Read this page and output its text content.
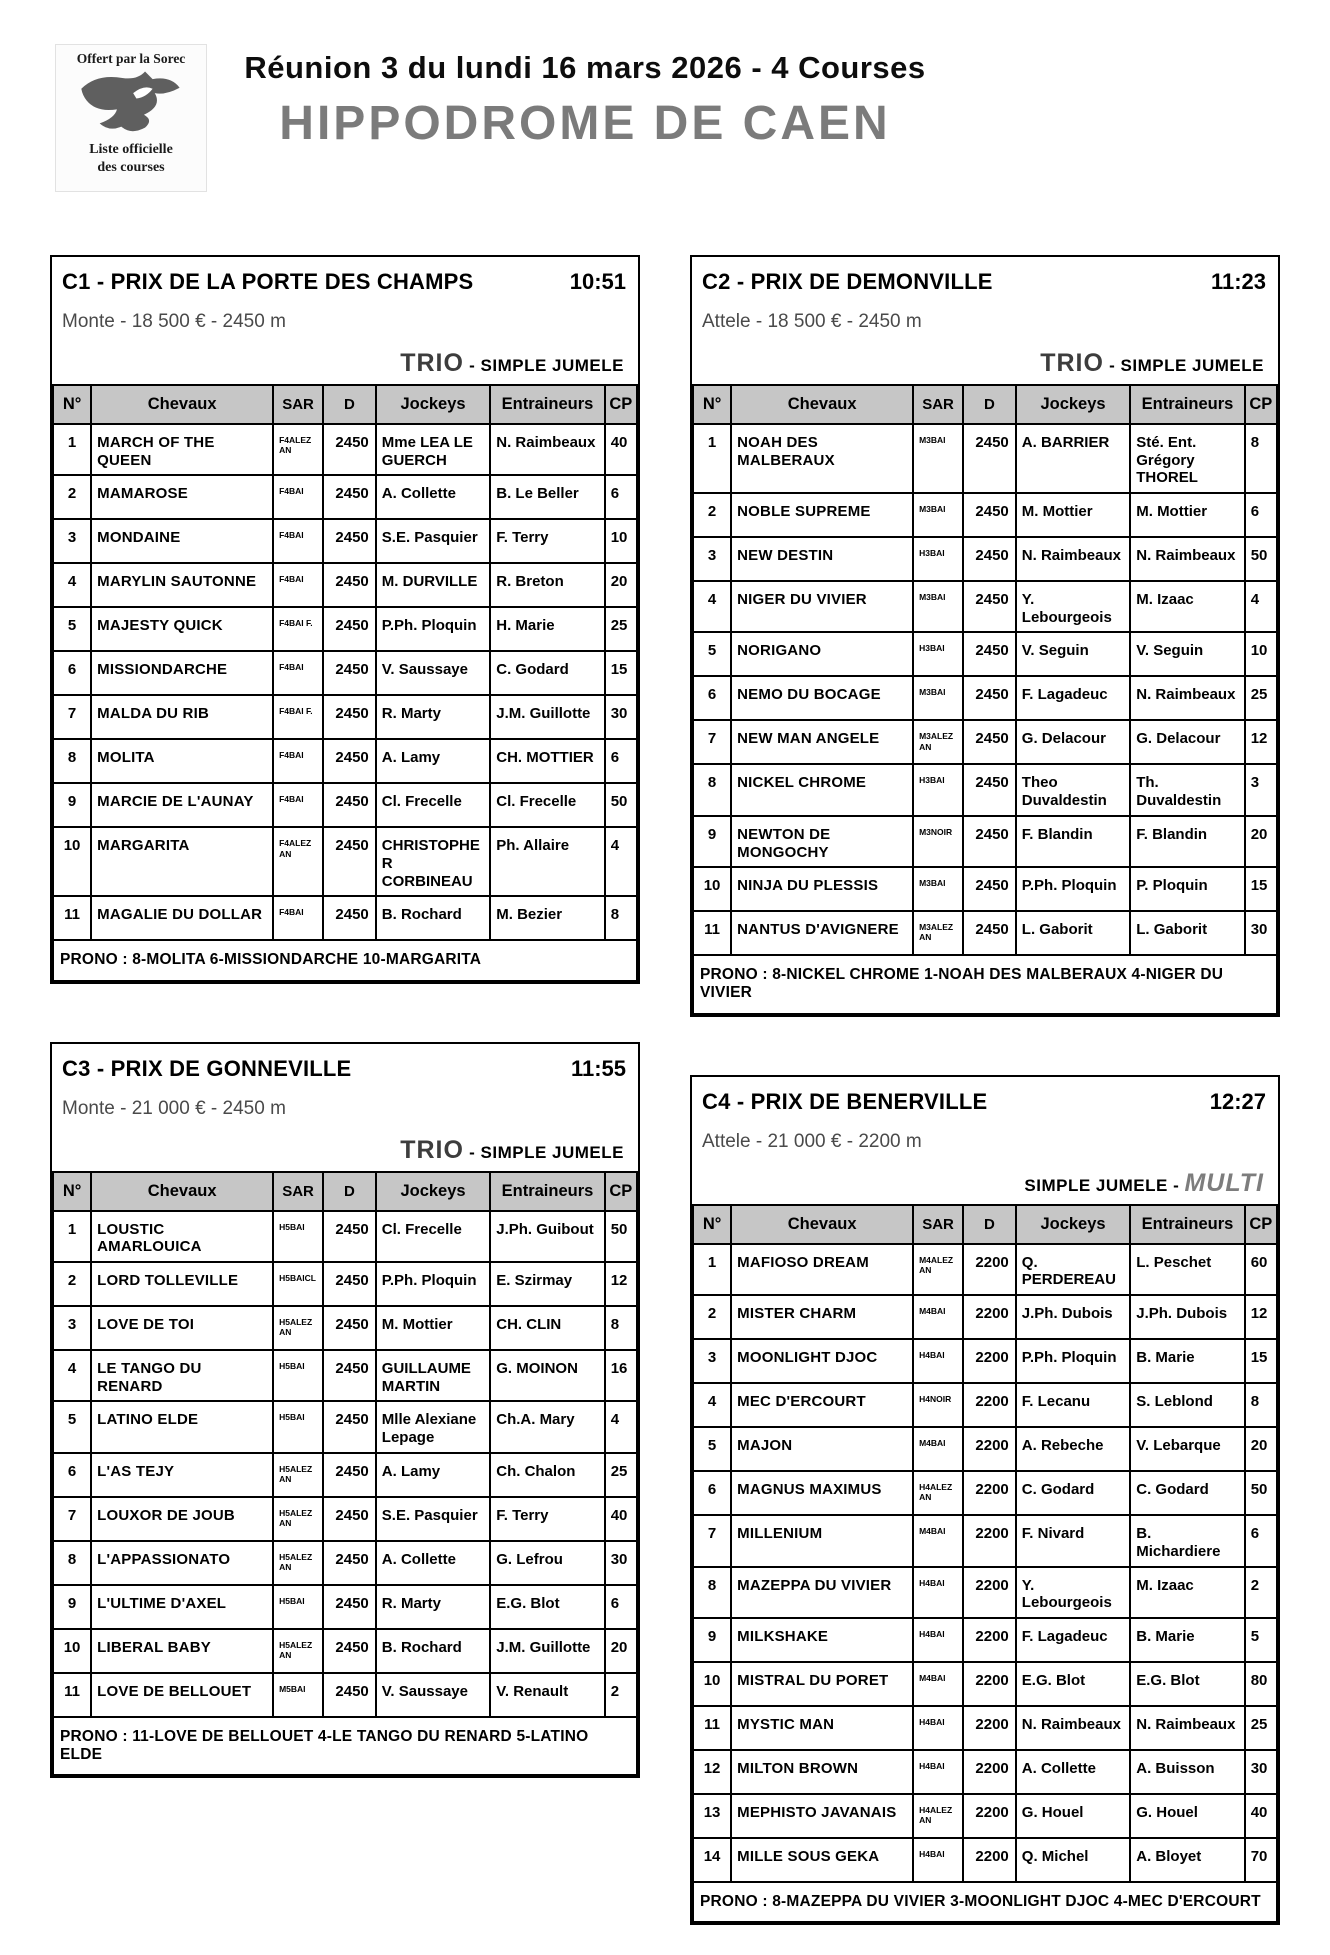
Offert par la Sorec
Liste officielle
des courses
Réunion 3 du lundi 16 mars 2026 - 4 Courses
HIPPODROME DE CAEN
C1 - PRIX DE LA PORTE DES CHAMPS	10:51
Monte - 18 500 € - 2450 m
TRIO - SIMPLE JUMELE
N°	Chevaux	SAR	D	Jockeys	Entraineurs	CP
1	MARCH OF THE QUEEN	F4ALEZAN	2450	Mme LEA LE GUERCH	N. Raimbeaux	40
2	MAMAROSE	F4BAI	2450	A. Collette	B. Le Beller	6
3	MONDAINE	F4BAI	2450	S.E. Pasquier	F. Terry	10
4	MARYLIN SAUTONNE	F4BAI	2450	M. DURVILLE	R. Breton	20
5	MAJESTY QUICK	F4BAI F.	2450	P.Ph. Ploquin	H. Marie	25
6	MISSIONDARCHE	F4BAI	2450	V. Saussaye	C. Godard	15
7	MALDA DU RIB	F4BAI F.	2450	R. Marty	J.M. Guillotte	30
8	MOLITA	F4BAI	2450	A. Lamy	CH. MOTTIER	6
9	MARCIE DE L'AUNAY	F4BAI	2450	Cl. Frecelle	Cl. Frecelle	50
10	MARGARITA	F4ALEZAN	2450	CHRISTOPHER CORBINEAU	Ph. Allaire	4
11	MAGALIE DU DOLLAR	F4BAI	2450	B. Rochard	M. Bezier	8
PRONO : 8-MOLITA 6-MISSIONDARCHE 10-MARGARITA						
C3 - PRIX DE GONNEVILLE	11:55
Monte - 21 000 € - 2450 m
TRIO - SIMPLE JUMELE
N°	Chevaux	SAR	D	Jockeys	Entraineurs	CP
1	LOUSTIC AMARLOUICA	H5BAI	2450	Cl. Frecelle	J.Ph. Guibout	50
2	LORD TOLLEVILLE	H5BAICL	2450	P.Ph. Ploquin	E. Szirmay	12
3	LOVE DE TOI	H5ALEZAN	2450	M. Mottier	CH. CLIN	8
4	LE TANGO DU RENARD	H5BAI	2450	GUILLAUME MARTIN	G. MOINON	16
5	LATINO ELDE	H5BAI	2450	Mlle Alexiane Lepage	Ch.A. Mary	4
6	L'AS TEJY	H5ALEZAN	2450	A. Lamy	Ch. Chalon	25
7	LOUXOR DE JOUB	H5ALEZAN	2450	S.E. Pasquier	F. Terry	40
8	L'APPASSIONATO	H5ALEZAN	2450	A. Collette	G. Lefrou	30
9	L'ULTIME D'AXEL	H5BAI	2450	R. Marty	E.G. Blot	6
10	LIBERAL BABY	H5ALEZAN	2450	B. Rochard	J.M. Guillotte	20
11	LOVE DE BELLOUET	M5BAI	2450	V. Saussaye	V. Renault	2
PRONO : 11-LOVE DE BELLOUET 4-LE TANGO DU RENARD 5-LATINO ELDE						
C2 - PRIX DE DEMONVILLE	11:23
Attele - 18 500 € - 2450 m
TRIO - SIMPLE JUMELE
N°	Chevaux	SAR	D	Jockeys	Entraineurs	CP
1	NOAH DES MALBERAUX	M3BAI	2450	A. BARRIER	Sté. Ent. Grégory THOREL	8
2	NOBLE SUPREME	M3BAI	2450	M. Mottier	M. Mottier	6
3	NEW DESTIN	H3BAI	2450	N. Raimbeaux	N. Raimbeaux	50
4	NIGER DU VIVIER	M3BAI	2450	Y. Lebourgeois	M. Izaac	4
5	NORIGANO	H3BAI	2450	V. Seguin	V. Seguin	10
6	NEMO DU BOCAGE	M3BAI	2450	F. Lagadeuc	N. Raimbeaux	25
7	NEW MAN ANGELE	M3ALEZAN	2450	G. Delacour	G. Delacour	12
8	NICKEL CHROME	H3BAI	2450	Theo Duvaldestin	Th. Duvaldestin	3
9	NEWTON DE MONGOCHY	M3NOIR	2450	F. Blandin	F. Blandin	20
10	NINJA DU PLESSIS	M3BAI	2450	P.Ph. Ploquin	P. Ploquin	15
11	NANTUS D'AVIGNERE	M3ALEZAN	2450	L. Gaborit	L. Gaborit	30
PRONO : 8-NICKEL CHROME 1-NOAH DES MALBERAUX 4-NIGER DU VIVIER						
C4 - PRIX DE BENERVILLE	12:27
Attele - 21 000 € - 2200 m
SIMPLE JUMELE - MULTI
N°	Chevaux	SAR	D	Jockeys	Entraineurs	CP
1	MAFIOSO DREAM	M4ALEZAN	2200	Q. PERDEREAU	L. Peschet	60
2	MISTER CHARM	M4BAI	2200	J.Ph. Dubois	J.Ph. Dubois	12
3	MOONLIGHT DJOC	H4BAI	2200	P.Ph. Ploquin	B. Marie	15
4	MEC D'ERCOURT	H4NOIR	2200	F. Lecanu	S. Leblond	8
5	MAJON	M4BAI	2200	A. Rebeche	V. Lebarque	20
6	MAGNUS MAXIMUS	H4ALEZAN	2200	C. Godard	C. Godard	50
7	MILLENIUM	M4BAI	2200	F. Nivard	B. Michardiere	6
8	MAZEPPA DU VIVIER	H4BAI	2200	Y. Lebourgeois	M. Izaac	2
9	MILKSHAKE	H4BAI	2200	F. Lagadeuc	B. Marie	5
10	MISTRAL DU PORET	M4BAI	2200	E.G. Blot	E.G. Blot	80
11	MYSTIC MAN	H4BAI	2200	N. Raimbeaux	N. Raimbeaux	25
12	MILTON BROWN	H4BAI	2200	A. Collette	A. Buisson	30
13	MEPHISTO JAVANAIS	H4ALEZAN	2200	G. Houel	G. Houel	40
14	MILLE SOUS GEKA	H4BAI	2200	Q. Michel	A. Bloyet	70
PRONO : 8-MAZEPPA DU VIVIER 3-MOONLIGHT DJOC 4-MEC D'ERCOURT						
